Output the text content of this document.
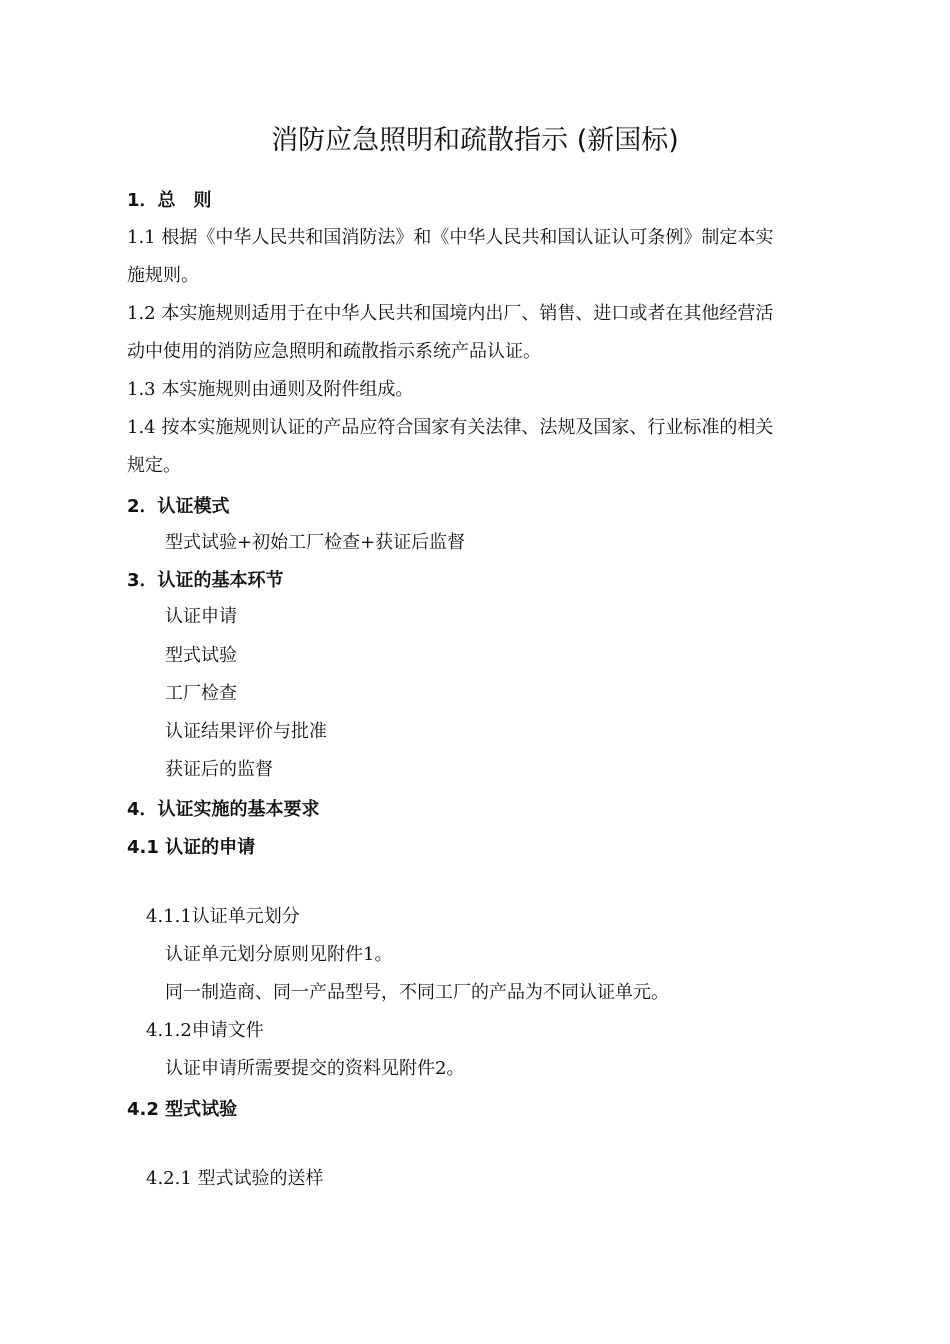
消防应急照明和疏散指示 (新国标)
1．总　则
1.1 根据《中华人民共和国消防法》和《中华人民共和国认证认可条例》制定本实
施规则。
1.2 本实施规则适用于在中华人民共和国境内出厂、销售、进口或者在其他经营活
动中使用的消防应急照明和疏散指示系统产品认证。
1.3 本实施规则由通则及附件组成。
1.4 按本实施规则认证的产品应符合国家有关法律、法规及国家、行业标准的相关
规定。
2．认证模式
型式试验+初始工厂检查+获证后监督
3．认证的基本环节
认证申请
型式试验
工厂检查
认证结果评价与批准
获证后的监督
4．认证实施的基本要求
4.1 认证的申请
4.1.1认证单元划分
认证单元划分原则见附件1。
同一制造商、同一产品型号，不同工厂的产品为不同认证单元。
4.1.2申请文件
认证申请所需要提交的资料见附件2。
4.2 型式试验
4.2.1 型式试验的送样
